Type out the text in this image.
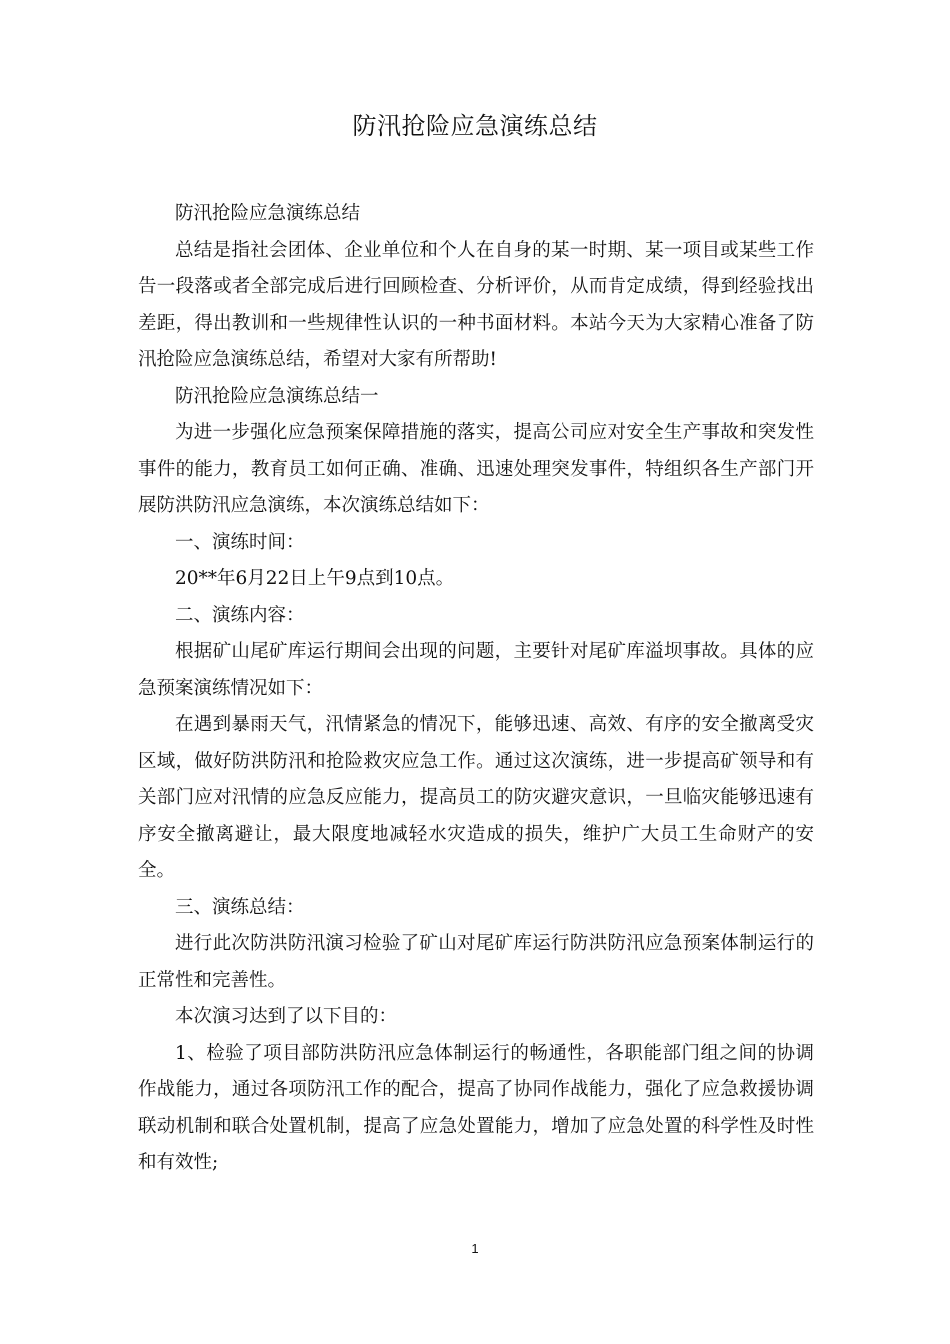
防汛抢险应急演练总结

防汛抢险应急演练总结

总结是指社会团体、企业单位和个人在自身的某一时期、某一项目或某些工作告一段落或者全部完成后进行回顾检查、分析评价，从而肯定成绩，得到经验找出差距，得出教训和一些规律性认识的一种书面材料。本站今天为大家精心准备了防汛抢险应急演练总结，希望对大家有所帮助!

防汛抢险应急演练总结一

为进一步强化应急预案保障措施的落实，提高公司应对安全生产事故和突发性事件的能力，教育员工如何正确、准确、迅速处理突发事件，特组织各生产部门开展防洪防汛应急演练，本次演练总结如下：

一、演练时间：

20**年6月22日上午9点到10点。

二、演练内容：

根据矿山尾矿库运行期间会出现的问题，主要针对尾矿库溢坝事故。具体的应急预案演练情况如下：

在遇到暴雨天气，汛情紧急的情况下，能够迅速、高效、有序的安全撤离受灾区域，做好防洪防汛和抢险救灾应急工作。通过这次演练，进一步提高矿领导和有关部门应对汛情的应急反应能力，提高员工的防灾避灾意识，一旦临灾能够迅速有序安全撤离避让，最大限度地减轻水灾造成的损失，维护广大员工生命财产的安全。

三、演练总结：

进行此次防洪防汛演习检验了矿山对尾矿库运行防洪防汛应急预案体制运行的正常性和完善性。

本次演习达到了以下目的：

1、检验了项目部防洪防汛应急体制运行的畅通性，各职能部门组之间的协调作战能力，通过各项防汛工作的配合，提高了协同作战能力，强化了应急救援协调联动机制和联合处置机制，提高了应急处置能力，增加了应急处置的科学性及时性和有效性;

1
